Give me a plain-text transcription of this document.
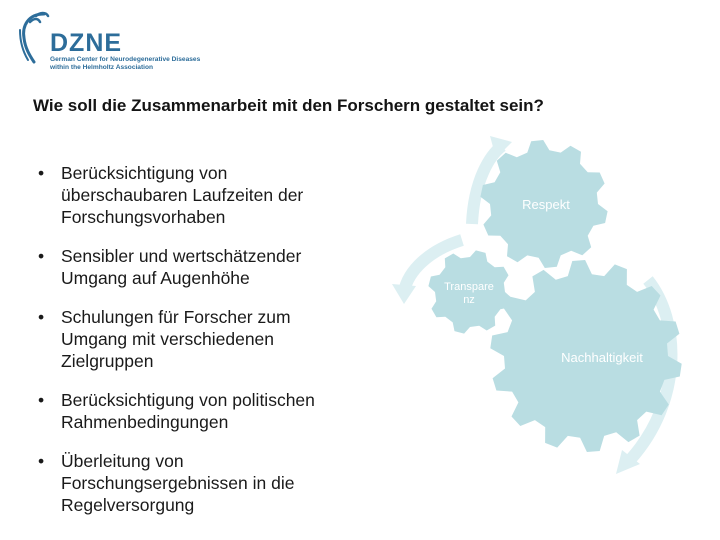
DZNE
German Center for Neurodegenerative Diseases
within the Helmholtz Association
Wie soll die Zusammenarbeit mit den Forschern gestaltet sein?
• Berücksichtigung von
überschaubaren Laufzeiten der
Forschungsvorhaben
• Sensibler und wertschätzender
Umgang auf Augenhöhe
• Schulungen für Forscher zum
Umgang mit verschiedenen
Zielgruppen
• Berücksichtigung von politischen
Rahmenbedingungen
• Überleitung von
Forschungsergebnissen in die
Regelversorgung
Respekt
Transpare
nz
Nachhaltigkeit
